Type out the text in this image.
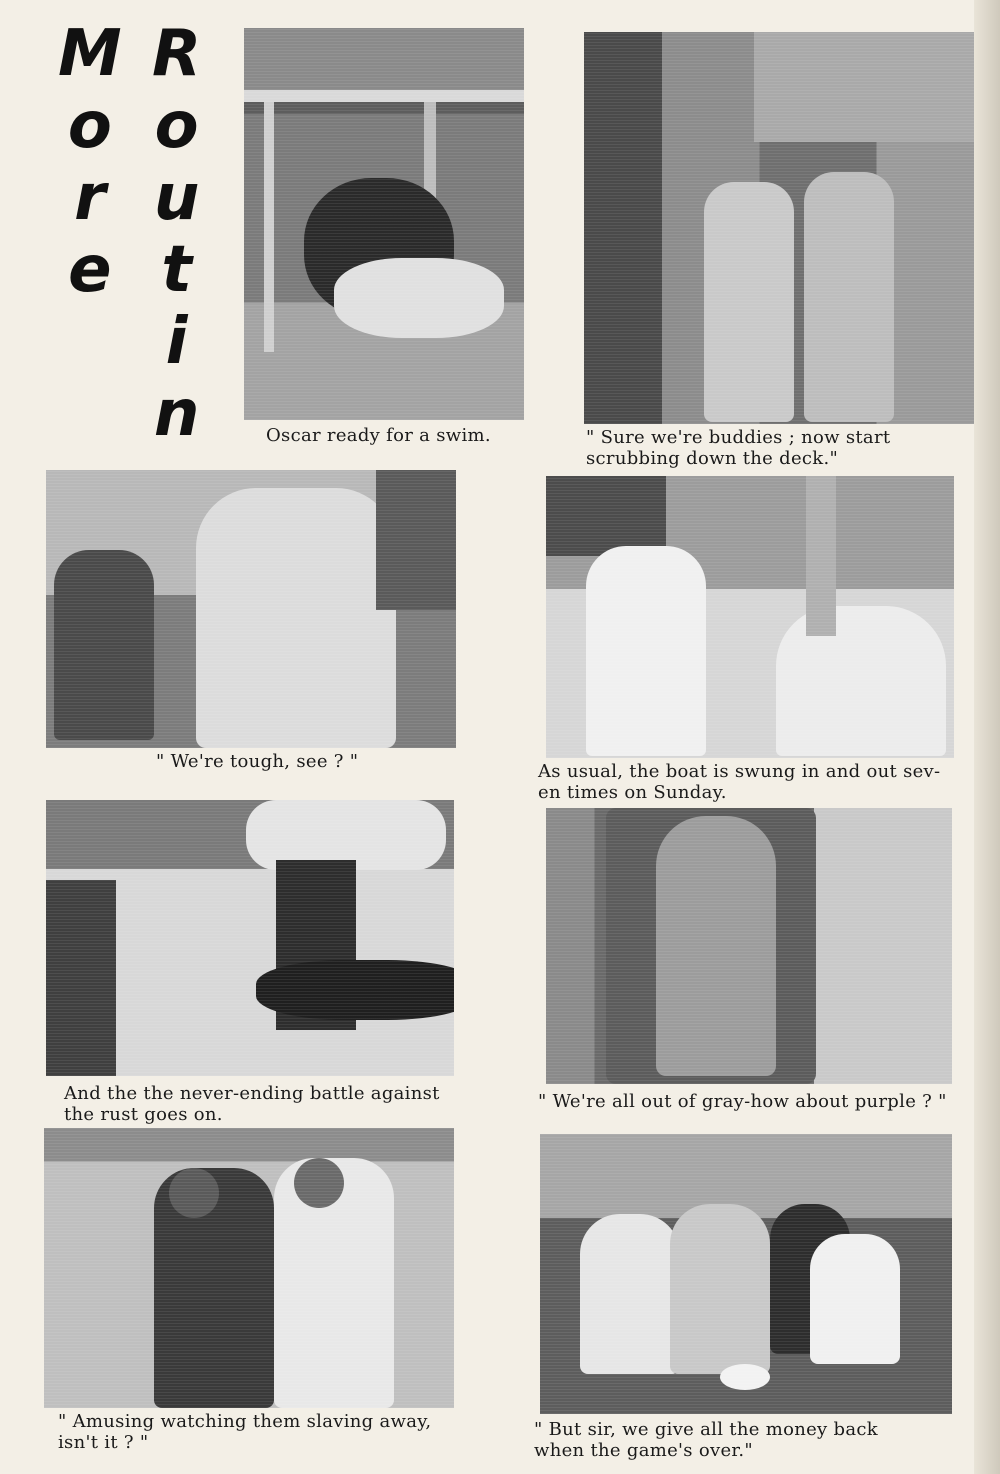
M
o
r
e
R
o
u
t
i
n	Oscar ready for a swim.	" Sure we're buddies ; now start
scrubbing down the deck."

" We're tough, see ? "	As usual, the boat is swung in and out sev-
en times on Sunday.

And the the never-ending battle against
the rust goes on.

" We're all out of gray-how about purple ? "

" Amusing watching them slaving away,
isn't it ? "

" But sir, we give all the money back
when the game's over."
